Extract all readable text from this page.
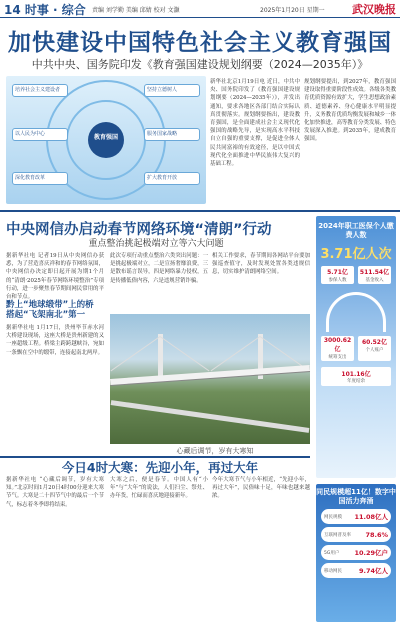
14 时事 · 综合 责编 刘学勤 美编 邱婧 校对 文灏	2025年1月20日 星期一 武汉晚报
加快建设中国特色社会主义教育强国
中共中央、国务院印发《教育强国建设规划纲要（2024—2035年）》
教育强国
培养社会主义建设者	坚持立德树人
以人民为中心	服务国家战略
深化教育改革	扩大教育开放
新华社北京1月19日电 近日，中共中央、国务院印发了《教育强国建设规划纲要（2024—2035年）》，并发出通知，要求各地区各部门结合实际认真贯彻落实。规划纲要指出，建设教育强国，是全面建成社会主义现代化强国的战略先导，是实现高水平科技自立自强的重要支撑，是促进全体人民共同富裕的有效途径，是以中国式现代化全面推进中华民族伟大复兴的基础工程。
规划纲要提出，到2027年，教育强国建设取得重要阶段性成效。各级各类教育优质资源有效扩大，学生思想政治素质、道德素养、身心健康水平明显提升，义务教育优质均衡发展和城乡一体化加快推进，高等教育分类发展、特色发展深入推进。到2035年，建成教育强国。
中央网信办启动春节网络环境“清朗”行动
重点整治挑起极端对立等六大问题
据新华社电 记者19日从中央网信办获悉，为了营造喜庆祥和的春节网络氛围，中央网信办决定即日起开展为期1个月的“清朗·2025年春节网络环境整治”专项行动，进一步聚焦春节期间网民常用的平台和节点。
此次专项行动重点整治六类突出问题：一是挑起极端对立，二是宣扬奢靡浪费，三是散布谣言误导，四是网络暴力侵权，五是传播低俗内容，六是违规营销诈骗。
相关工作要求，春节期间各网站平台要加强巡查值守，及时发现处置各类违规信息，切实维护清朗网络空间。
黔上“地球缎带”上的桥 搭起“飞架南北”第一
据新华社电 1月17日，贵州毕节赤水河大桥建设现场，这座大桥是贵州新建的又一座超级工程。桥梁主跨跨越峡谷，宛如一条飘在空中的缎带，连接起南北两岸。
心藏后调节，岁有大寒知
今日4时大寒：先迎小年，再过大年
据新华社电 “心藏后调节，岁有大寒知。”北京时间1月20日4时00分迎来大寒节气。大寒是二十四节气中的最后一个节气，标志着冬季即将结束。
大寒之后，便是春节。中国人有“小年”与“大年”的说法，人们扫尘、祭灶、办年货，忙碌而喜庆地迎接新年。
今年大寒节气与小年相近，“先迎小年，再过大年”，民俗味十足，年味也越来越浓。
2024年职工医保个人缴费人数
3.71亿人次
5.71亿
参保人数
511.54亿
基金收入
3000.62亿
统筹支出
60.52亿
个人账户
101.16亿
年度结余
同民规模超11亿！数字中国活力奔涌
网民规模 11.08亿人
互联网普及率 78.6%
5G用户 10.29亿户
移动网民	9.74亿人
